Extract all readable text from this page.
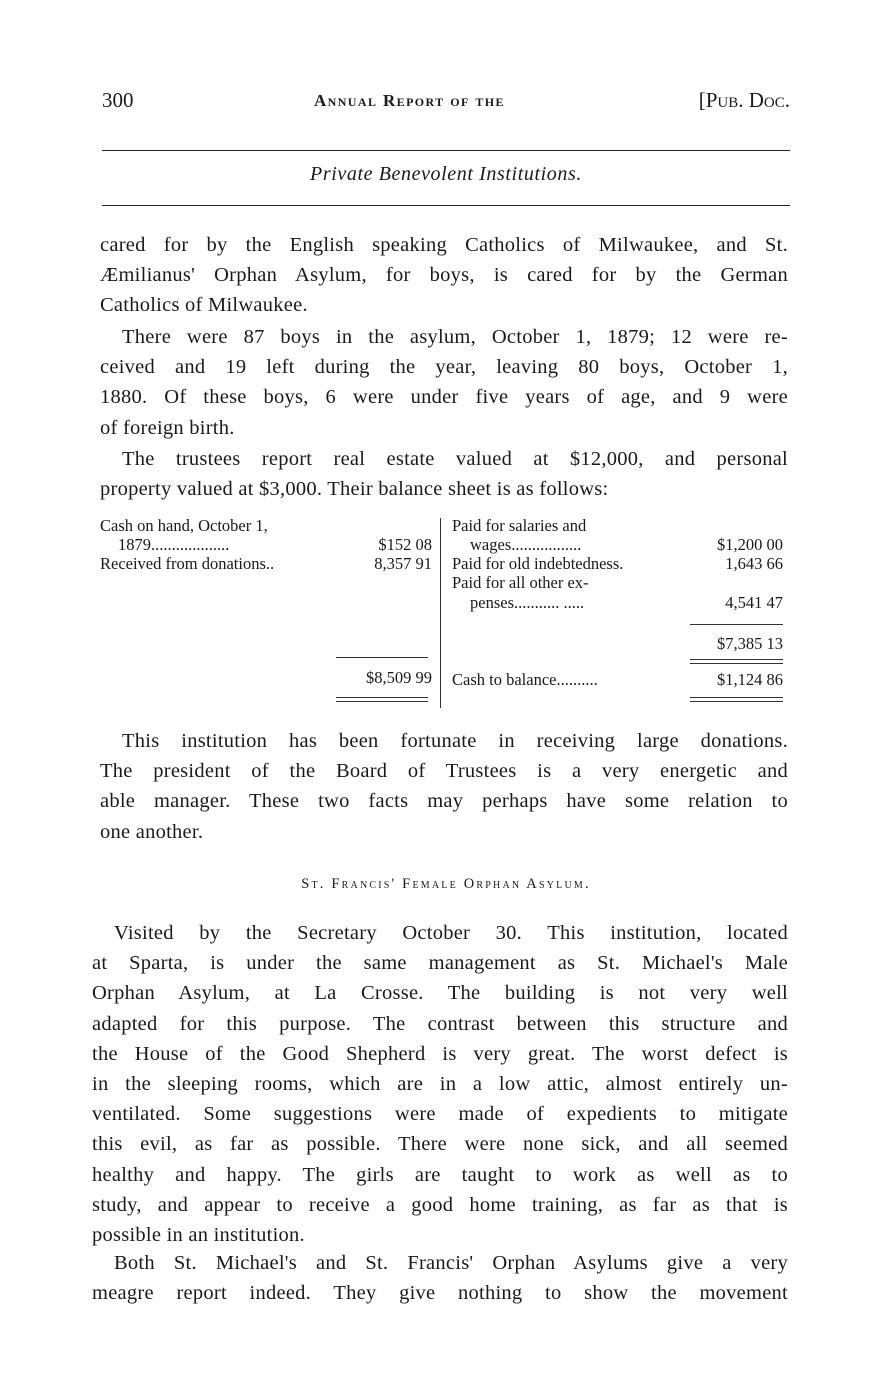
300	Annual Report of the	[Pub. Doc.
Private Benevolent Institutions.
cared for by the English speaking Catholics of Milwaukee, and St.
Æmilianus' Orphan Asylum, for boys, is cared for by the German
Catholics of Milwaukee.
There were 87 boys in the asylum, October 1, 1879; 12 were re-
ceived and 19 left during the year, leaving 80 boys, October 1,
1880. Of these boys, 6 were under five years of age, and 9 were
of foreign birth.
The trustees report real estate valued at $12,000, and personal
property valued at $3,000. Their balance sheet is as follows:
Cash on hand, October 1,
1879...................	$152 08
Received from donations..	8,357 91
$8,509 99
Paid for salaries and
wages.................	$1,200 00
Paid for old indebtedness.	1,643 66
Paid for all other ex-
penses........... .....	4,541 47
$7,385 13
Cash to balance..........	$1,124 86
This institution has been fortunate in receiving large donations.
The president of the Board of Trustees is a very energetic and
able manager. These two facts may perhaps have some relation to
one another.
St. Francis' Female Orphan Asylum.
Visited by the Secretary October 30. This institution, located
at Sparta, is under the same management as St. Michael's Male
Orphan Asylum, at La Crosse. The building is not very well
adapted for this purpose. The contrast between this structure and
the House of the Good Shepherd is very great. The worst defect is
in the sleeping rooms, which are in a low attic, almost entirely un-
ventilated. Some suggestions were made of expedients to mitigate
this evil, as far as possible. There were none sick, and all seemed
healthy and happy. The girls are taught to work as well as to
study, and appear to receive a good home training, as far as that is
possible in an institution.
Both St. Michael's and St. Francis' Orphan Asylums give a very
meagre report indeed. They give nothing to show the movement
